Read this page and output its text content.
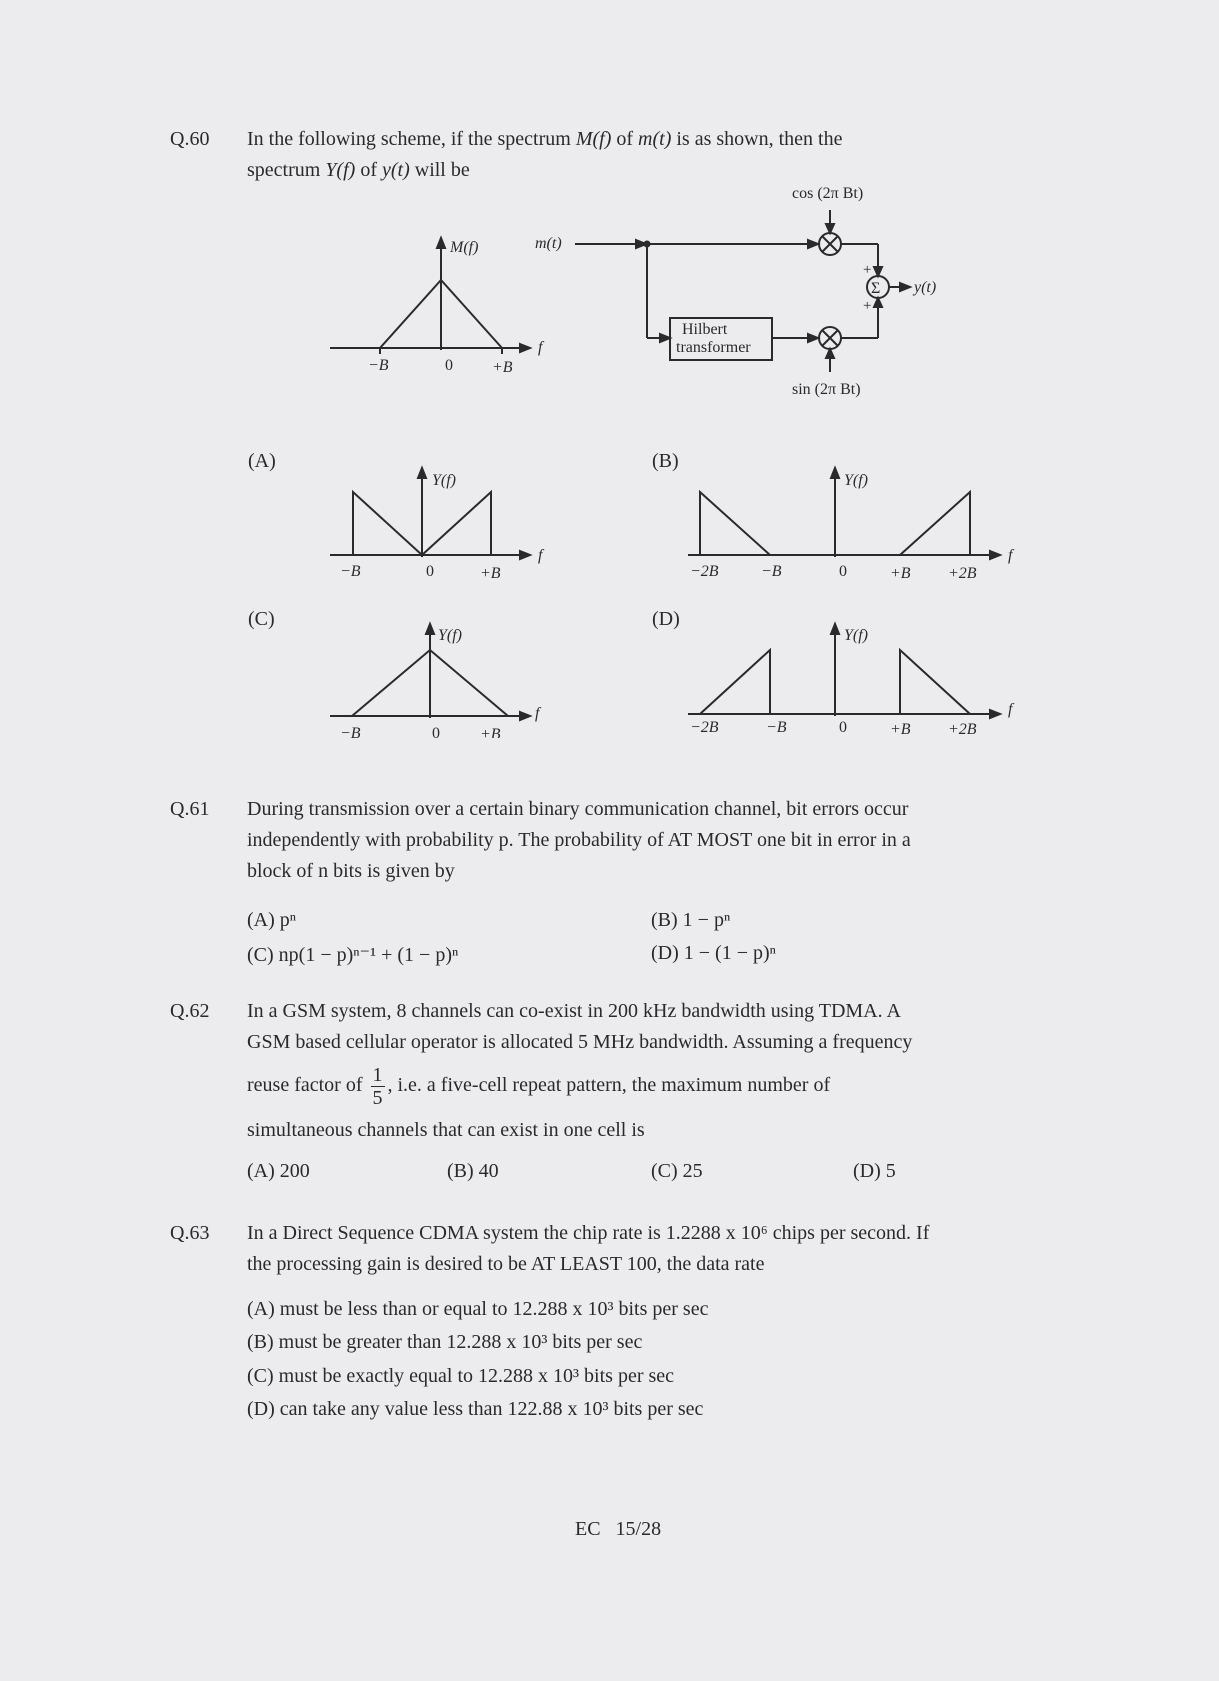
Q.60 In the following scheme, if the spectrum M(f) of m(t) is as shown, then the
spectrum Y(f) of y(t) will be
cos (2π Bt)
sin (2π Bt)
m(t)
y(t)
M(f)
f
−B	0 +B
Hilbert
transformer
Σ
+
+
(A)
Y(f)
f
−B	0	+B
(B)
Y(f)
f
−2B	−B	0	+B +2B
(C)
Y(f)
f
−B	0	+B
(D)
Y(f)
f
−2B	−B	0	+B +2B
Q.61 During transmission over a certain binary communication channel, bit errors occur
independently with probability p. The probability of AT MOST one bit in error in a
block of n bits is given by
(A) pⁿ	(B) 1 − pⁿ
(C) np(1 − p)ⁿ⁻¹ + (1 − p)ⁿ	(D) 1 − (1 − p)ⁿ
Q.62 In a GSM system, 8 channels can co-exist in 200 kHz bandwidth using TDMA. A
GSM based cellular operator is allocated 5 MHz bandwidth. Assuming a frequency
reuse factor of $\frac{1}{5}$ , i.e. a five-cell repeat pattern, the maximum number of
simultaneous channels that can exist in one cell is
(A) 200	(B) 40	(C) 25	(D) 5
Q.63 In a Direct Sequence CDMA system the chip rate is 1.2288 x 10⁶ chips per second. If
the processing gain is desired to be AT LEAST 100, the data rate
(A) must be less than or equal to 12.288 x 10³ bits per sec
(B) must be greater than 12.288 x 10³ bits per sec
(C) must be exactly equal to 12.288 x 10³ bits per sec
(D) can take any value less than 122.88 x 10³ bits per sec
EC   15/28
